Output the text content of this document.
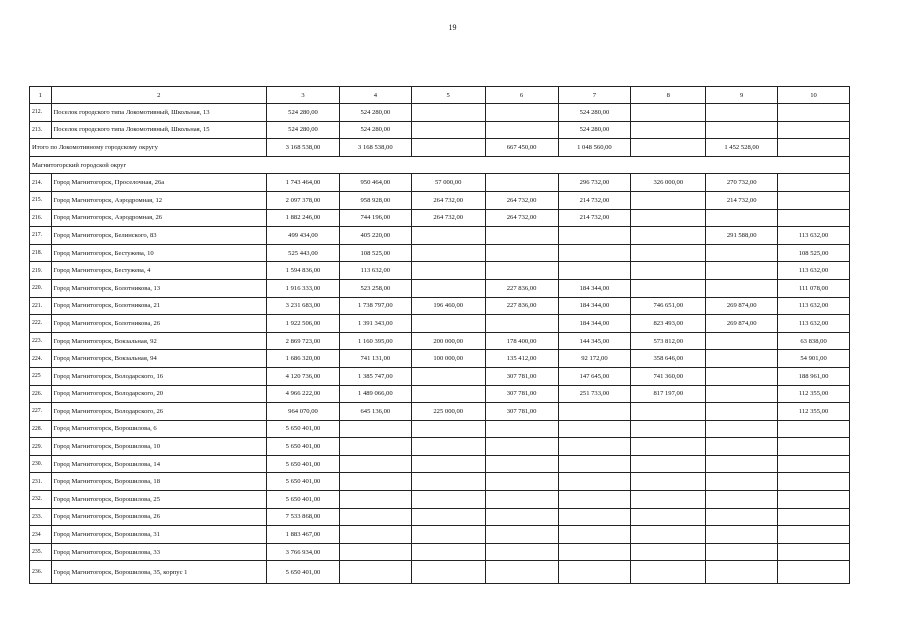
19
1	2	3	4	5	6	7	8	9	10
212.	Поселок городского типа Локомотивный, Школьная, 13	524 280,00	524 280,00			524 280,00			
213.	Поселок городского типа Локомотивный, Школьная, 15	524 280,00	524 280,00			524 280,00			
Итого по Локомотивному городскому округу		3 168 538,00	3 168 538,00		667 450,00	1 048 560,00		1 452 528,00	
Магнитогорский городской округ									
214.	Город Магнитогорск, Проселочная, 26а	1 743 464,00	950 464,00	57 000,00		296 732,00	326 000,00	270 732,00	
215.	Город Магнитогорск, Аэродромная, 12	2 097 378,00	958 928,00	264 732,00	264 732,00	214 732,00		214 732,00	
216.	Город Магнитогорск, Аэродромная, 26	1 882 246,00	744 196,00	264 732,00	264 732,00	214 732,00			
217.	Город Магнитогорск, Белинского, 83	499 434,00	405 220,00					291 588,00	113 632,00
218.	Город Магнитогорск, Бестужева, 10	525 443,00	108 525,00						108 525,00
219.	Город Магнитогорск, Бестужева, 4	1 594 836,00	113 632,00						113 632,00
220.	Город Магнитогорск, Болотникова, 13	1 916 333,00	523 258,00		227 836,00	184 344,00			111 078,00
221.	Город Магнитогорск, Болотникова, 21	3 231 683,00	1 738 797,00	196 460,00	227 836,00	184 344,00	746 651,00	269 874,00	113 632,00
222.	Город Магнитогорск, Болотникова, 26	1 922 506,00	1 391 343,00			184 344,00	823 493,00	269 874,00	113 632,00
223.	Город Магнитогорск, Вокзальная, 92	2 869 723,00	1 160 395,00	200 000,00	178 400,00	144 345,00	573 812,00		63 838,00
224.	Город Магнитогорск, Вокзальная, 94	1 686 320,00	741 131,00	100 000,00	135 412,00	92 172,00	358 646,00		54 901,00
225	Город Магнитогорск, Володарского, 16	4 120 736,00	1 385 747,00		307 781,00	147 645,00	741 360,00		188 961,00
226.	Город Магнитогорск, Володарского, 20	4 966 222,00	1 489 066,00		307 781,00	251 733,00	817 197,00		112 355,00
227.	Город Магнитогорск, Володарского, 26	964 070,00	645 136,00	225 000,00	307 781,00				112 355,00
228.	Город Магнитогорск, Ворошилова, 6	5 650 401,00							
229.	Город Магнитогорск, Ворошилова, 10	5 650 401,00							
230.	Город Магнитогорск, Ворошилова, 14	5 650 401,00							
231.	Город Магнитогорск, Ворошилова, 18	5 650 401,00							
232.	Город Магнитогорск, Ворошилова, 25	5 650 401,00							
233.	Город Магнитогорск, Ворошилова, 26	7 533 868,00							
234	Город Магнитогорск, Ворошилова, 31	1 883 467,00							
235.	Город Магнитогорск, Ворошилова, 33	3 766 934,00							
236.	Город Магнитогорск, Ворошилова, 35, корпус 1	5 650 401,00							
